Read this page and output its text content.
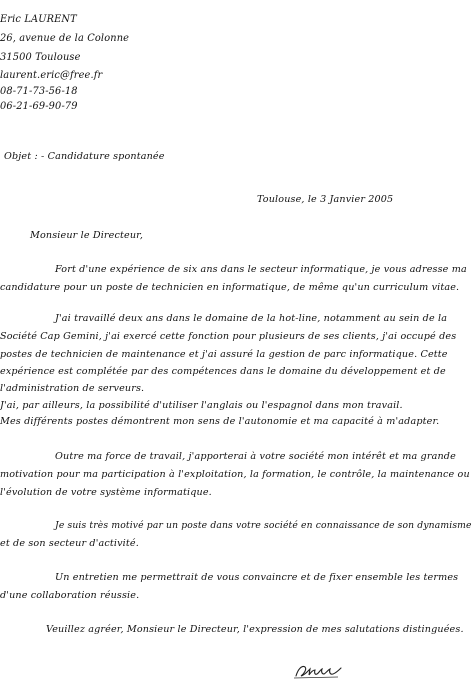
Eric LAURENT
26, avenue de la Colonne
31500 Toulouse
laurent.eric@free.fr
08-71-73-56-18
06-21-69-90-79
Objet : - Candidature spontanée
Toulouse, le 3 Janvier 2005
Monsieur le Directeur,
Fort d'une expérience de six ans dans le secteur informatique, je vous adresse ma
candidature pour un poste de technicien en informatique, de même qu'un curriculum vitae.
J'ai travaillé deux ans dans le domaine de la hot-line, notamment au sein de la
Société Cap Gemini, j'ai exercé cette fonction pour plusieurs de ses clients, j'ai occupé des
postes de technicien de maintenance et j'ai assuré la gestion de parc informatique. Cette
expérience est complétée par des compétences dans le domaine du développement et de
l'administration de serveurs.
J'ai, par ailleurs, la possibilité d'utiliser l'anglais ou l'espagnol dans mon travail.
Mes différents postes démontrent mon sens de l'autonomie et ma capacité à m'adapter.
Outre ma force de travail, j'apporterai à votre société mon intérêt et ma grande
motivation pour ma participation à l'exploitation, la formation, le contrôle, la maintenance ou
l'évolution de votre système informatique.
Je suis très motivé par un poste dans votre société en connaissance de son dynamisme
et de son secteur d'activité.
Un entretien me permettrait de vous convaincre et de fixer ensemble les termes
d'une collaboration réussie.
Veuillez agréer, Monsieur le Directeur, l'expression de mes salutations distinguées.
